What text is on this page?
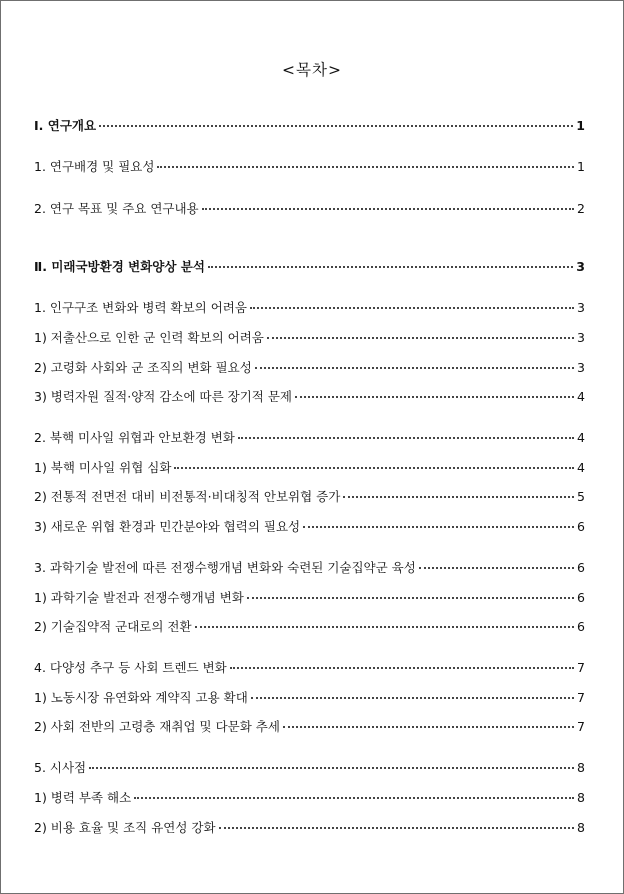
<목차>
Ⅰ. 연구개요	1
1. 연구배경 및 필요성	1
2. 연구 목표 및 주요 연구내용	2
Ⅱ. 미래국방환경 변화양상 분석	3
1. 인구구조 변화와 병력 확보의 어려움	3
1) 저출산으로 인한 군 인력 확보의 어려움	3
2) 고령화 사회와 군 조직의 변화 필요성	3
3) 병력자원 질적·양적 감소에 따른 장기적 문제	4
2. 북핵 미사일 위협과 안보환경 변화	4
1) 북핵 미사일 위협 심화	4
2) 전통적 전면전 대비 비전통적·비대칭적 안보위협 증가	5
3) 새로운 위협 환경과 민간분야와 협력의 필요성	6
3. 과학기술 발전에 따른 전쟁수행개념 변화와 숙련된 기술집약군 육성	6
1) 과학기술 발전과 전쟁수행개념 변화	6
2) 기술집약적 군대로의 전환	6
4. 다양성 추구 등 사회 트렌드 변화	7
1) 노동시장 유연화와 계약직 고용 확대	7
2) 사회 전반의 고령층 재취업 및 다문화 추세	7
5. 시사점	8
1) 병력 부족 해소	8
2) 비용 효율 및 조직 유연성 강화	8
